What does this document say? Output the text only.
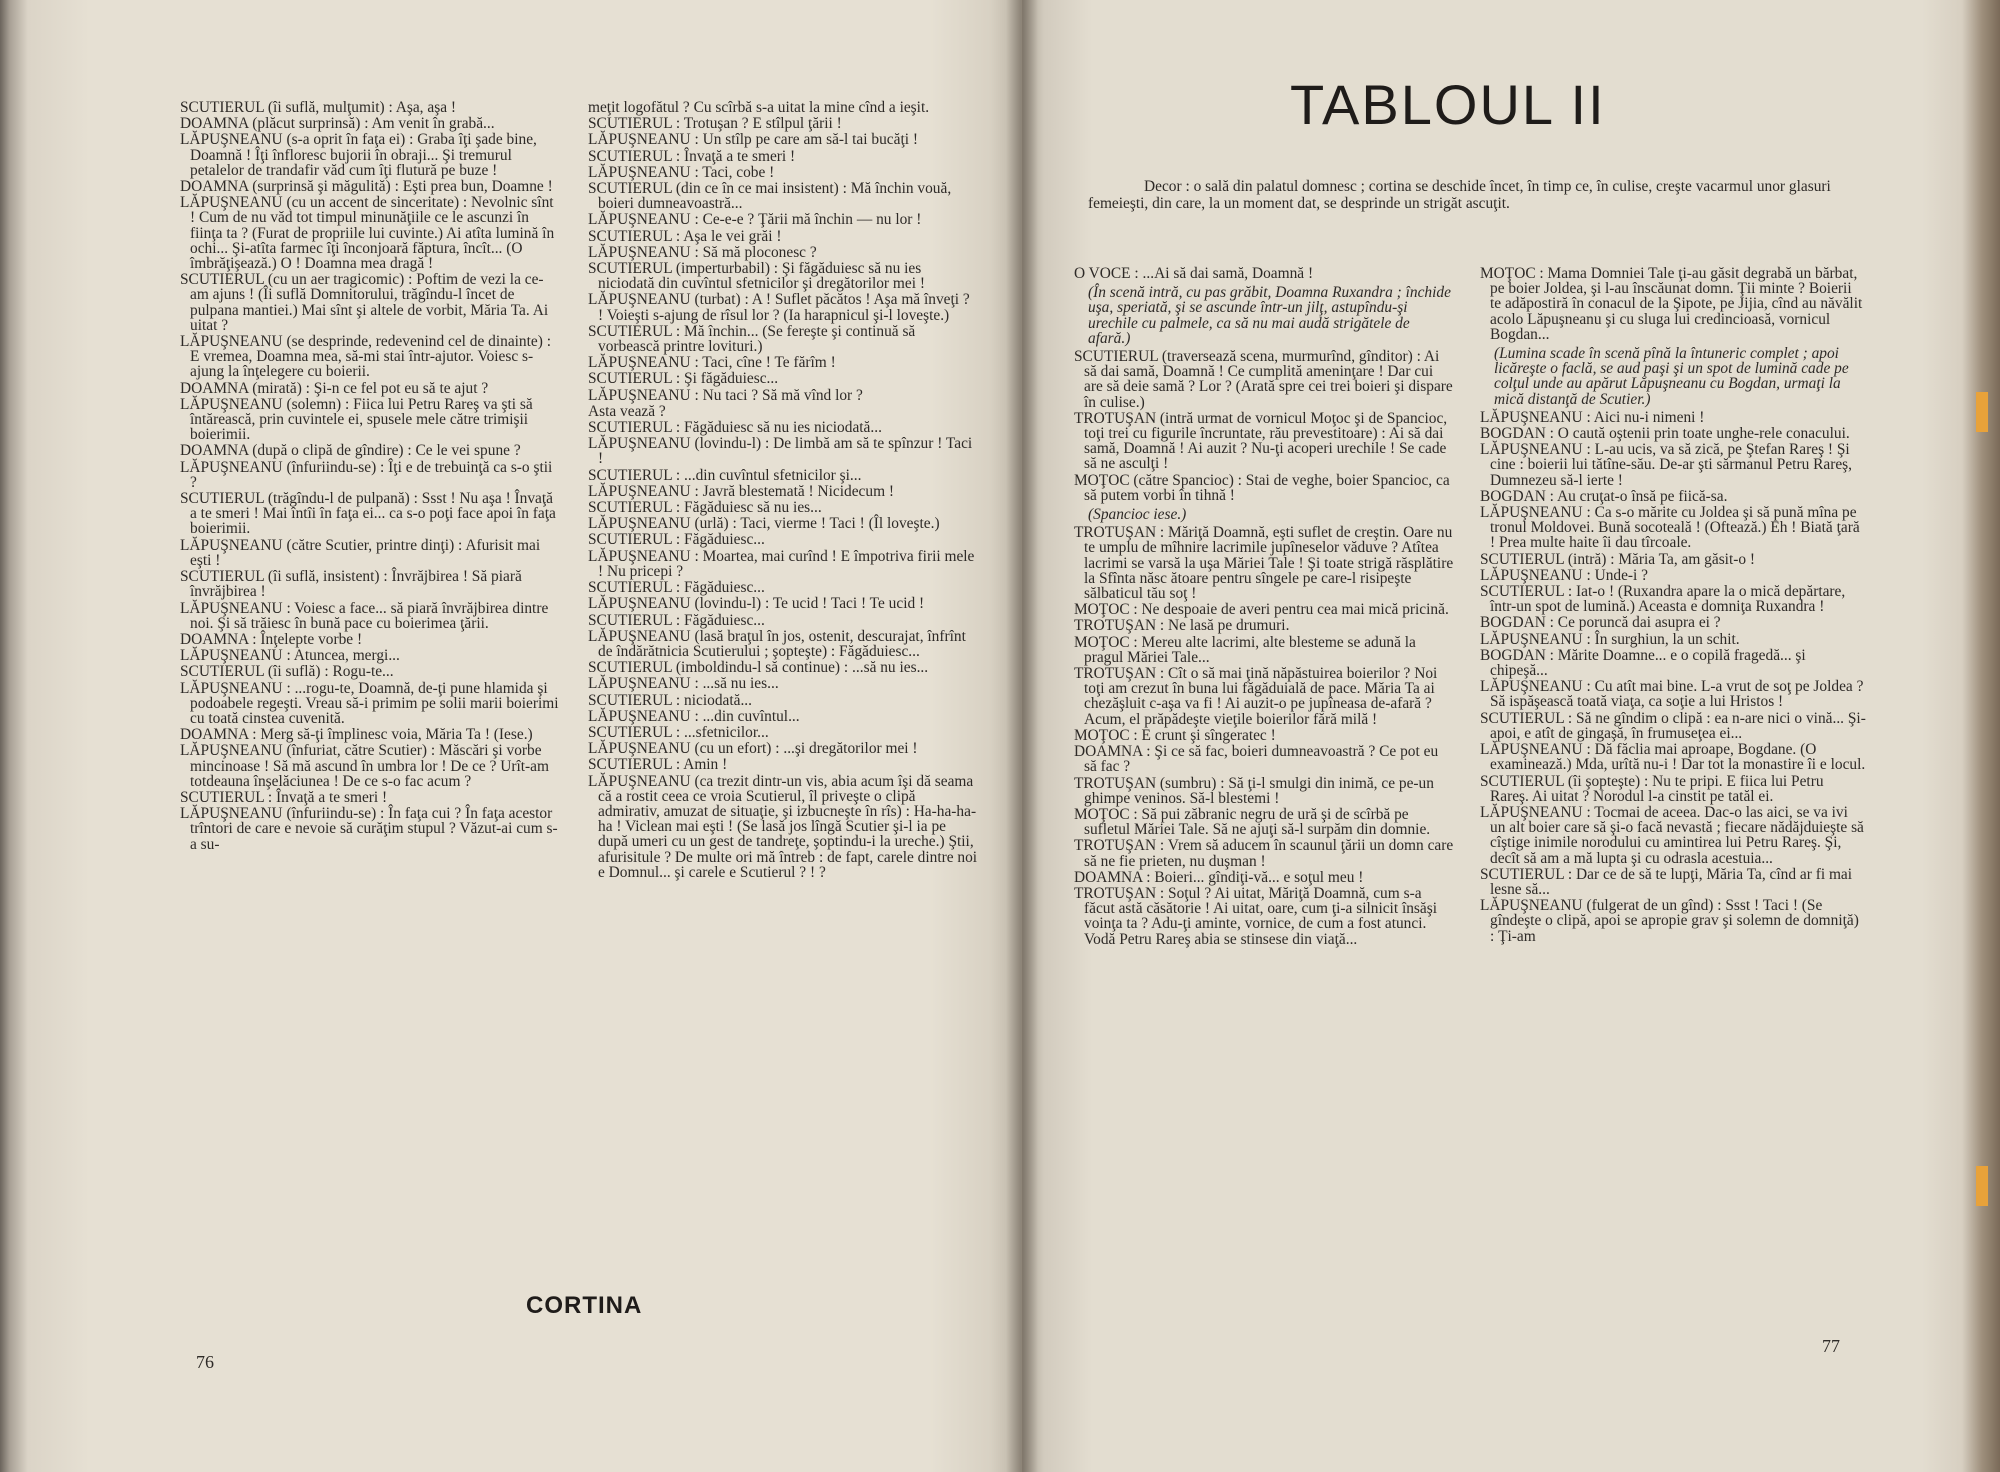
SCUTIERUL (îi suflă, mulţumit) : Aşa, aşa !

DOAMNA (plăcut surprinsă) : Am venit în grabă...

LĂPUŞNEANU (s-a oprit în faţa ei) : Graba îţi şade bine, Doamnă ! Îţi înfloresc bujorii în obraji... Şi tremurul petalelor de trandafir văd cum îţi flutură pe buze !

DOAMNA (surprinsă şi măgulită) : Eşti prea bun, Doamne !

LĂPUŞNEANU (cu un accent de sinceritate) : Nevolnic sînt ! Cum de nu văd tot timpul minunăţiile ce le ascunzi în fiinţa ta ? (Furat de propriile lui cuvinte.) Ai atîta lumină în ochi... Şi-atîta farmec îţi înconjoară făptura, încît... (O îmbrăţişează.) O ! Doamna mea dragă !

SCUTIERUL (cu un aer tragicomic) : Poftim de vezi la ce-am ajuns ! (Îi suflă Domnitorului, trăgîndu-l încet de pulpana mantiei.) Mai sînt şi altele de vorbit, Măria Ta. Ai uitat ?

LĂPUŞNEANU (se desprinde, redevenind cel de dinainte) : E vremea, Doamna mea, să-mi stai într-ajutor. Voiesc s-ajung la înţelegere cu boierii.

DOAMNA (mirată) : Şi-n ce fel pot eu să te ajut ?

LĂPUŞNEANU (solemn) : Fiica lui Petru Rareş va şti să întărească, prin cuvintele ei, spusele mele către trimişii boierimii.

DOAMNA (după o clipă de gîndire) : Ce le vei spune ?

LĂPUŞNEANU (înfuriindu-se) : Îţi e de trebuinţă ca s-o ştii ?

SCUTIERUL (trăgîndu-l de pulpană) : Ssst ! Nu aşa ! Învaţă a te smeri ! Mai întîi în faţa ei... ca s-o poţi face apoi în faţa boierimii.

LĂPUŞNEANU (către Scutier, printre dinţi) : Afurisit mai eşti !

SCUTIERUL (îi suflă, insistent) : Învrăjbirea ! Să piară învrăjbirea !

LĂPUŞNEANU : Voiesc a face... să piară învrăjbirea dintre noi. Şi să trăiesc în bună pace cu boierimea ţării.

DOAMNA : Înţelepte vorbe !

LĂPUŞNEANU : Atuncea, mergi...

SCUTIERUL (îi suflă) : Rogu-te...

LĂPUŞNEANU : ...rogu-te, Doamnă, de-ţi pune hlamida şi podoabele regeşti. Vreau să-i primim pe solii marii boierimi cu toată cinstea cuvenită.

DOAMNA : Merg să-ţi împlinesc voia, Măria Ta ! (Iese.)

LĂPUŞNEANU (înfuriat, către Scutier) : Măscări şi vorbe mincinoase ! Să mă ascund în umbra lor ! De ce ? Urît-am totdeauna înşelăciunea ! De ce s-o fac acum ?

SCUTIERUL : Învaţă a te smeri !

LĂPUŞNEANU (înfuriindu-se) : În faţa cui ? În faţa acestor trîntori de care e nevoie să curăţim stupul ? Văzut-ai cum s-a su-

meţit logofătul ? Cu scîrbă s-a uitat la mine cînd a ieşit.

SCUTIERUL : Trotuşan ? E stîlpul ţării !

LĂPUŞNEANU : Un stîlp pe care am să-l tai bucăţi !

SCUTIERUL : Învaţă a te smeri !

LĂPUŞNEANU : Taci, cobe !

SCUTIERUL (din ce în ce mai insistent) : Mă închin vouă, boieri dumneavoastră...

LĂPUŞNEANU : Ce-e-e ? Ţării mă închin — nu lor !

SCUTIERUL : Aşa le vei grăi !

LĂPUŞNEANU : Să mă ploconesc ?

SCUTIERUL (imperturbabil) : Şi făgăduiesc să nu ies niciodată din cuvîntul sfetnicilor şi dregătorilor mei !

LĂPUŞNEANU (turbat) : A ! Suflet păcătos ! Aşa mă înveţi ? ! Voieşti s-ajung de rîsul lor ? (Ia harapnicul şi-l loveşte.)

SCUTIERUL : Mă închin... (Se fereşte şi continuă să vorbească printre lovituri.)

LĂPUŞNEANU : Taci, cîne ! Te fărîm !

SCUTIERUL : Şi făgăduiesc...

LĂPUŞNEANU : Nu taci ? Să mă vînd lor ?

Asta vează ?

SCUTIERUL : Făgăduiesc să nu ies niciodată...

LĂPUŞNEANU (lovindu-l) : De limbă am să te spînzur ! Taci !

SCUTIERUL : ...din cuvîntul sfetnicilor şi...

LĂPUŞNEANU : Javră blestemată ! Nicidecum !

SCUTIERUL : Făgăduiesc să nu ies...

LĂPUŞNEANU (urlă) : Taci, vierme ! Taci ! (Îl loveşte.)

SCUTIERUL : Făgăduiesc...

LĂPUŞNEANU : Moartea, mai curînd ! E împotriva firii mele ! Nu pricepi ?

SCUTIERUL : Făgăduiesc...

LĂPUŞNEANU (lovindu-l) : Te ucid ! Taci ! Te ucid !

SCUTIERUL : Făgăduiesc...

LĂPUŞNEANU (lasă braţul în jos, ostenit, descurajat, înfrînt de îndărătnicia Scutierului ; şopteşte) : Făgăduiesc...

SCUTIERUL (imboldindu-l să continue) : ...să nu ies...

LĂPUŞNEANU : ...să nu ies...

SCUTIERUL : niciodată...

LĂPUŞNEANU : ...din cuvîntul...

SCUTIERUL : ...sfetnicilor...

LĂPUŞNEANU (cu un efort) : ...şi dregătorilor mei !

SCUTIERUL : Amin !

LĂPUŞNEANU (ca trezit dintr-un vis, abia acum îşi dă seama că a rostit ceea ce vroia Scutierul, îl priveşte o clipă admirativ, amuzat de situaţie, şi izbucneşte în rîs) : Ha-ha-ha-ha ! Viclean mai eşti ! (Se lasă jos lîngă Scutier şi-l ia pe după umeri cu un gest de tandreţe, şoptindu-i la ureche.) Ştii, afurisitule ? De multe ori mă întreb : de fapt, carele dintre noi e Domnul... şi carele e Scutierul ? ! ?

CORTINA
76
TABLOUL II
Decor : o sală din palatul domnesc ; cortina se deschide încet, în timp ce, în culise, creşte vacarmul unor glasuri femeieşti, din care, la un moment dat, se desprinde un strigăt ascuţit.

O VOCE : ...Ai să dai samă, Doamnă !

(În scenă intră, cu pas grăbit, Doamna Ruxandra ; închide uşa, speriată, şi se ascunde într-un jilţ, astupîndu-şi urechile cu palmele, ca să nu mai audă strigătele de afară.)

SCUTIERUL (traversează scena, murmurînd, gînditor) : Ai să dai samă, Doamnă ! Ce cumplită ameninţare ! Dar cui are să deie samă ? Lor ? (Arată spre cei trei boieri şi dispare în culise.)

TROTUŞAN (intră urmat de vornicul Moţoc şi de Spancioc, toţi trei cu figurile încruntate, rău prevestitoare) : Ai să dai samă, Doamnă ! Ai auzit ? Nu-ţi acoperi urechile ! Se cade să ne asculţi !

MOŢOC (către Spancioc) : Stai de veghe, boier Spancioc, ca să putem vorbi în tihnă !

(Spancioc iese.)

TROTUŞAN : Măriţă Doamnă, eşti suflet de creştin. Oare nu te umplu de mîhnire lacrimile jupîneselor văduve ? Atîtea lacrimi se varsă la uşa Măriei Tale ! Şi toate strigă răsplătire la Sfînta născ ătoare pentru sîngele pe care-l risipeşte sălbaticul tău soţ !

MOŢOC : Ne despoaie de averi pentru cea mai mică pricină.

TROTUŞAN : Ne lasă pe drumuri.

MOŢOC : Mereu alte lacrimi, alte blesteme se adună la pragul Măriei Tale...

TROTUŞAN : Cît o să mai ţină năpăstuirea boierilor ? Noi toţi am crezut în buna lui făgăduială de pace. Măria Ta ai chezăşluit c-aşa va fi ! Ai auzit-o pe jupîneasa de-afară ? Acum, el prăpădeşte vieţile boierilor fără milă !

MOŢOC : E crunt şi sîngeratec !

DOAMNA : Şi ce să fac, boieri dumneavoastră ? Ce pot eu să fac ?

TROTUŞAN (sumbru) : Să ţi-l smulgi din inimă, ce pe-un ghimpe veninos. Să-l blestemi !

MOŢOC : Să pui zăbranic negru de ură şi de scîrbă pe sufletul Măriei Tale. Să ne ajuţi să-l surpăm din domnie.

TROTUŞAN : Vrem să aducem în scaunul ţării un domn care să ne fie prieten, nu duşman !

DOAMNA : Boieri... gîndiţi-vă... e soţul meu !

TROTUŞAN : Soţul ? Ai uitat, Măriţă Doamnă, cum s-a făcut astă căsătorie ! Ai uitat, oare, cum ţi-a silnicit însăşi voinţa ta ? Adu-ţi aminte, vornice, de cum a fost atunci. Vodă Petru Rareş abia se stinsese din viaţă...

MOŢOC : Mama Domniei Tale ţi-au găsit degrabă un bărbat, pe boier Joldea, şi l-au înscăunat domn. Ţii minte ? Boierii te adăpostiră în conacul de la Şipote, pe Jijia, cînd au năvălit acolo Lăpuşneanu şi cu sluga lui credincioasă, vornicul Bogdan...

(Lumina scade în scenă pînă la întuneric complet ; apoi licăreşte o faclă, se aud paşi şi un spot de lumină cade pe colţul unde au apărut Lăpuşneanu cu Bogdan, urmaţi la mică distanţă de Scutier.)

LĂPUŞNEANU : Aici nu-i nimeni !

BOGDAN : O caută oştenii prin toate unghe-rele conacului.

LĂPUŞNEANU : L-au ucis, va să zică, pe Ştefan Rareş ! Şi cine : boierii lui tătîne-său. De-ar şti sărmanul Petru Rareş, Dumnezeu să-l ierte !

BOGDAN : Au cruţat-o însă pe fiică-sa.

LĂPUŞNEANU : Ca s-o mărite cu Joldea şi să pună mîna pe tronul Moldovei. Bună socoteală ! (Oftează.) Eh ! Biată ţară ! Prea multe haite îi dau tîrcoale.

SCUTIERUL (intră) : Măria Ta, am găsit-o !

LĂPUŞNEANU : Unde-i ?

SCUTIERUL : Iat-o ! (Ruxandra apare la o mică depărtare, într-un spot de lumină.) Aceasta e domniţa Ruxandra !

BOGDAN : Ce poruncă dai asupra ei ?

LĂPUŞNEANU : În surghiun, la un schit.

BOGDAN : Mărite Doamne... e o copilă fragedă... şi chipeşă...

LĂPUŞNEANU : Cu atît mai bine. L-a vrut de soţ pe Joldea ? Să ispăşească toată viaţa, ca soţie a lui Hristos !

SCUTIERUL : Să ne gîndim o clipă : ea n-are nici o vină... Şi-apoi, e atît de gingaşă, în frumuseţea ei...

LĂPUŞNEANU : Dă făclia mai aproape, Bogdane. (O examinează.) Mda, urîtă nu-i ! Dar tot la monastire îi e locul.

SCUTIERUL (îi şopteşte) : Nu te pripi. E fiica lui Petru Rareş. Ai uitat ? Norodul l-a cinstit pe tatăl ei.

LĂPUŞNEANU : Tocmai de aceea. Dac-o las aici, se va ivi un alt boier care să şi-o facă nevastă ; fiecare nădăjduieşte să cîştige inimile norodului cu amintirea lui Petru Rareş. Şi, decît să am a mă lupta şi cu odrasla acestuia...

SCUTIERUL : Dar ce de să te lupţi, Măria Ta, cînd ar fi mai lesne să...

LĂPUŞNEANU (fulgerat de un gînd) : Ssst ! Taci ! (Se gîndeşte o clipă, apoi se apropie grav şi solemn de domniţă) : Ţi-am

77
